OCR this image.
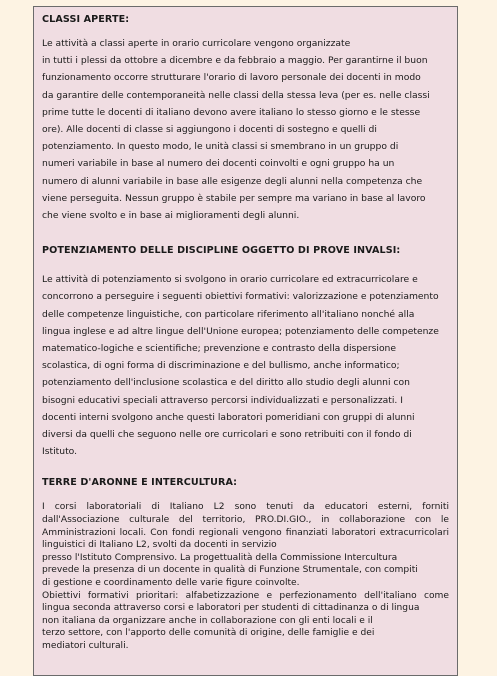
CLASSI APERTE:
Le attività a classi aperte in orario curricolare vengono organizzate
in tutti i plessi da ottobre a dicembre e da febbraio a maggio. Per garantirne il buon
funzionamento occorre strutturare l'orario di lavoro personale dei docenti in modo
da garantire delle contemporaneità nelle classi della stessa leva (per es. nelle classi
prime tutte le docenti di italiano devono avere italiano lo stesso giorno e le stesse
ore). Alle docenti di classe si aggiungono i docenti di sostegno e quelli di
potenziamento. In questo modo, le unità classi si smembrano in un gruppo di
numeri variabile in base al numero dei docenti coinvolti e ogni gruppo ha un
numero di alunni variabile in base alle esigenze degli alunni nella competenza che
viene perseguita. Nessun gruppo è stabile per sempre ma variano in base al lavoro
che viene svolto e in base ai miglioramenti degli alunni.
POTENZIAMENTO DELLE DISCIPLINE OGGETTO DI PROVE INVALSI:
Le attività di potenziamento si svolgono in orario curricolare ed extracurricolare e
concorrono a perseguire i seguenti obiettivi formativi: valorizzazione e potenziamento
delle competenze linguistiche, con particolare riferimento all'italiano nonché alla
lingua inglese e ad altre lingue dell'Unione europea; potenziamento delle competenze
matematico-logiche e scientifiche; prevenzione e contrasto della dispersione
scolastica, di ogni forma di discriminazione e del bullismo, anche informatico;
potenziamento dell'inclusione scolastica e del diritto allo studio degli alunni con
bisogni educativi speciali attraverso percorsi individualizzati e personalizzati. I
docenti interni svolgono anche questi laboratori pomeridiani con gruppi di alunni
diversi da quelli che seguono nelle ore curricolari e sono retribuiti con il fondo di
Istituto.
TERRE D'ARONNE E INTERCULTURA:
I corsi laboratoriali di Italiano L2 sono tenuti da educatori esterni, forniti
dall'Associazione culturale del territorio, PRO.DI.GIO., in collaborazione con le
Amministrazioni locali. Con fondi regionali vengono finanziati laboratori extracurricolari
linguistici di Italiano L2, svolti da docenti in servizio
presso l'Istituto Comprensivo. La progettualità della Commissione Intercultura
prevede la presenza di un docente in qualità di Funzione Strumentale, con compiti
di gestione e coordinamento delle varie figure coinvolte.
Obiettivi formativi prioritari: alfabetizzazione e perfezionamento dell'italiano come
lingua seconda attraverso corsi e laboratori per studenti di cittadinanza o di lingua
non italiana da organizzare anche in collaborazione con gli enti locali e il
terzo settore, con l'apporto delle comunità di origine, delle famiglie e dei
mediatori culturali.
